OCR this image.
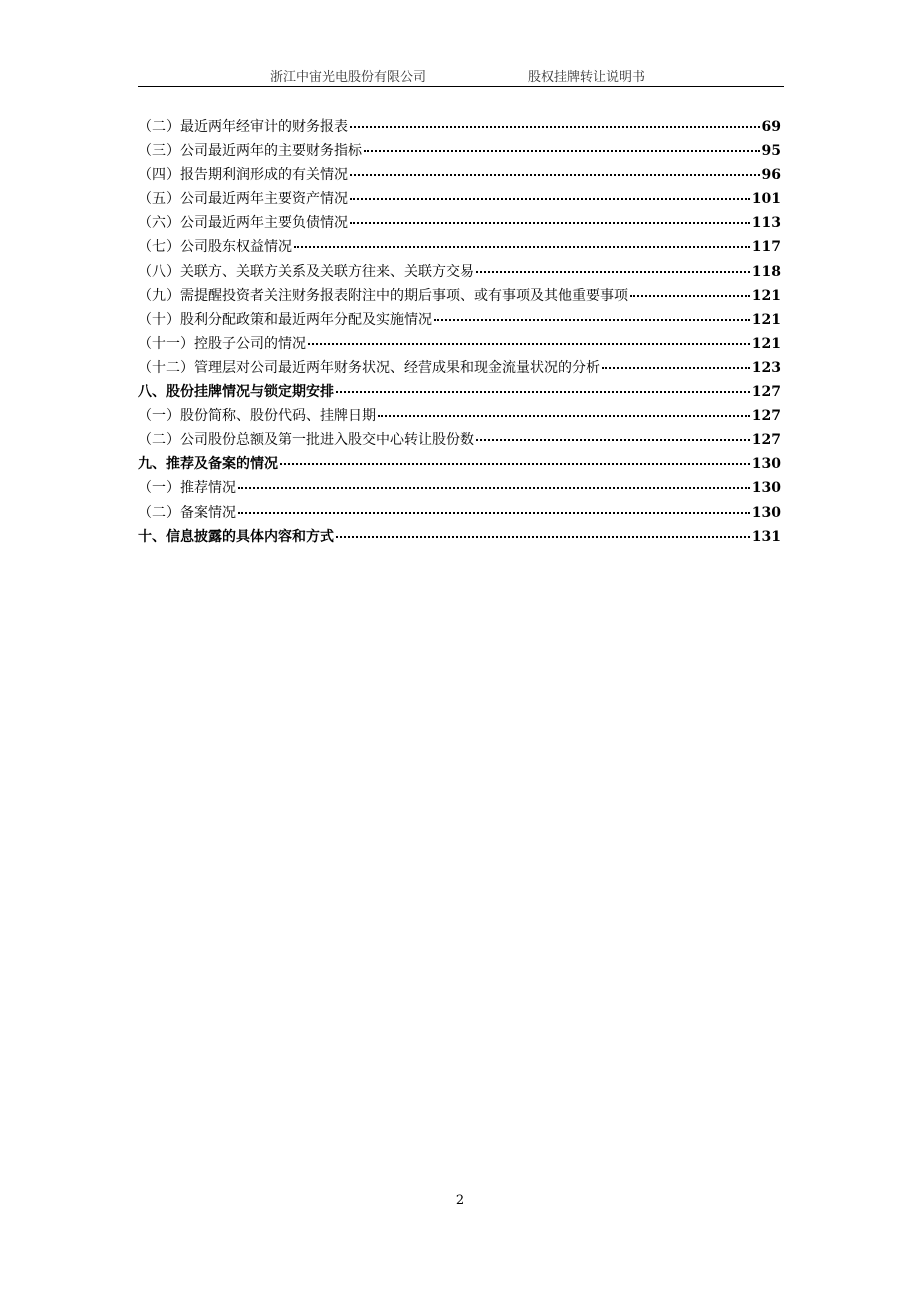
浙江中宙光电股份有限公司	股权挂牌转让说明书
（二）最近两年经审计的财务报表	69
（三）公司最近两年的主要财务指标	95
（四）报告期利润形成的有关情况	96
（五）公司最近两年主要资产情况	101
（六）公司最近两年主要负债情况	113
（七）公司股东权益情况	117
（八）关联方、关联方关系及关联方往来、关联方交易	118
（九）需提醒投资者关注财务报表附注中的期后事项、或有事项及其他重要事项	121
（十）股利分配政策和最近两年分配及实施情况	121
（十一）控股子公司的情况	121
（十二）管理层对公司最近两年财务状况、经营成果和现金流量状况的分析	123
八、股份挂牌情况与锁定期安排	127
（一）股份简称、股份代码、挂牌日期	127
（二）公司股份总额及第一批进入股交中心转让股份数	127
九、推荐及备案的情况	130
（一）推荐情况	130
（二）备案情况	130
十、信息披露的具体内容和方式	131
2
